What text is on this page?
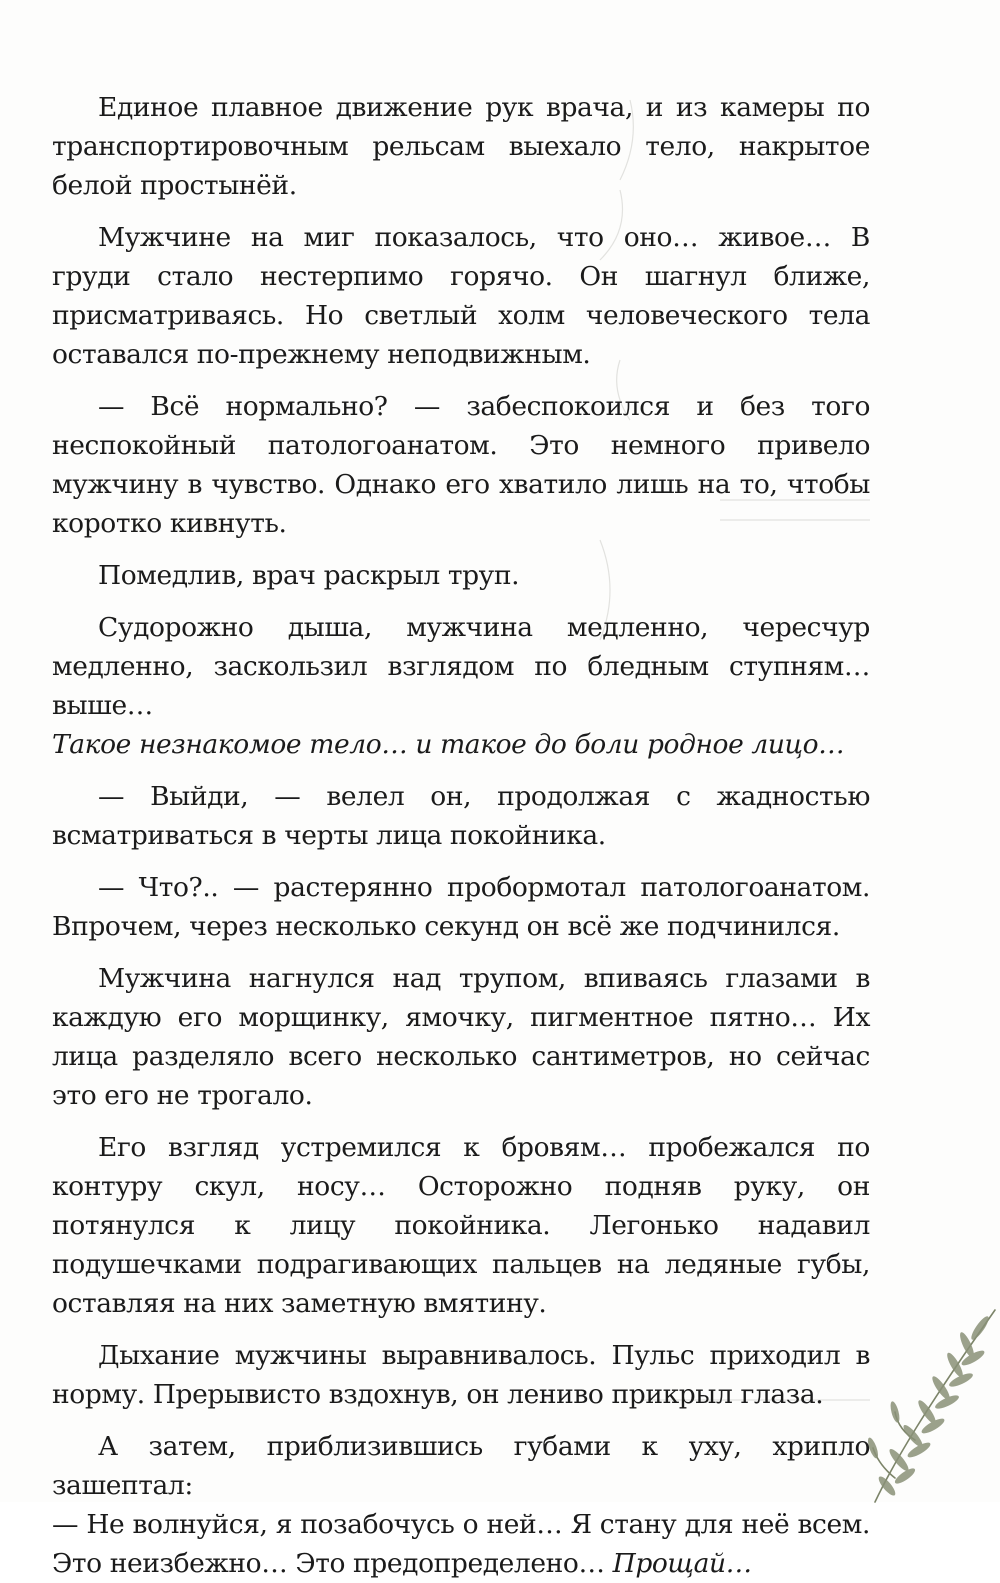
Единое плавное движение рук врача, и из камеры по транспортировочным рельсам выехало тело, накрытое белой простынёй.

Мужчине на миг показалось, что оно… живое… В груди стало нестерпимо горячо. Он шагнул ближе, присматриваясь. Но светлый холм человеческого тела оставался по-прежнему неподвижным.

— Всё нормально? — забеспокоился и без того неспокойный патологоанатом. Это немного привело мужчину в чувство. Однако его хватило лишь на то, чтобы коротко кивнуть.

Помедлив, врач раскрыл труп.

Судорожно дыша, мужчина медленно, чересчур медленно, заскользил взглядом по бледным ступням… выше…

Такое незнакомое тело… и такое до боли родное лицо…

— Выйди, — велел он, продолжая с жадностью всматриваться в черты лица покойника.

— Что?.. — растерянно пробормотал патологоанатом. Впрочем, через несколько секунд он всё же подчинился.

Мужчина нагнулся над трупом, впиваясь глазами в каждую его морщинку, ямочку, пигментное пятно… Их лица разделяло всего несколько сантиметров, но сейчас это его не трогало.

Его взгляд устремился к бровям… пробежался по контуру скул, носу… Осторожно подняв руку, он потянулся к лицу покойника. Легонько надавил подушечками подрагивающих пальцев на ледяные губы, оставляя на них заметную вмятину.

Дыхание мужчины выравнивалось. Пульс приходил в норму. Прерывисто вздохнув, он лениво прикрыл глаза.

А затем, приблизившись губами к уху, хрипло зашептал:

— Не волнуйся, я позабочусь о ней… Я стану для неё всем. Это неизбежно… Это предопределено… Прощай…
